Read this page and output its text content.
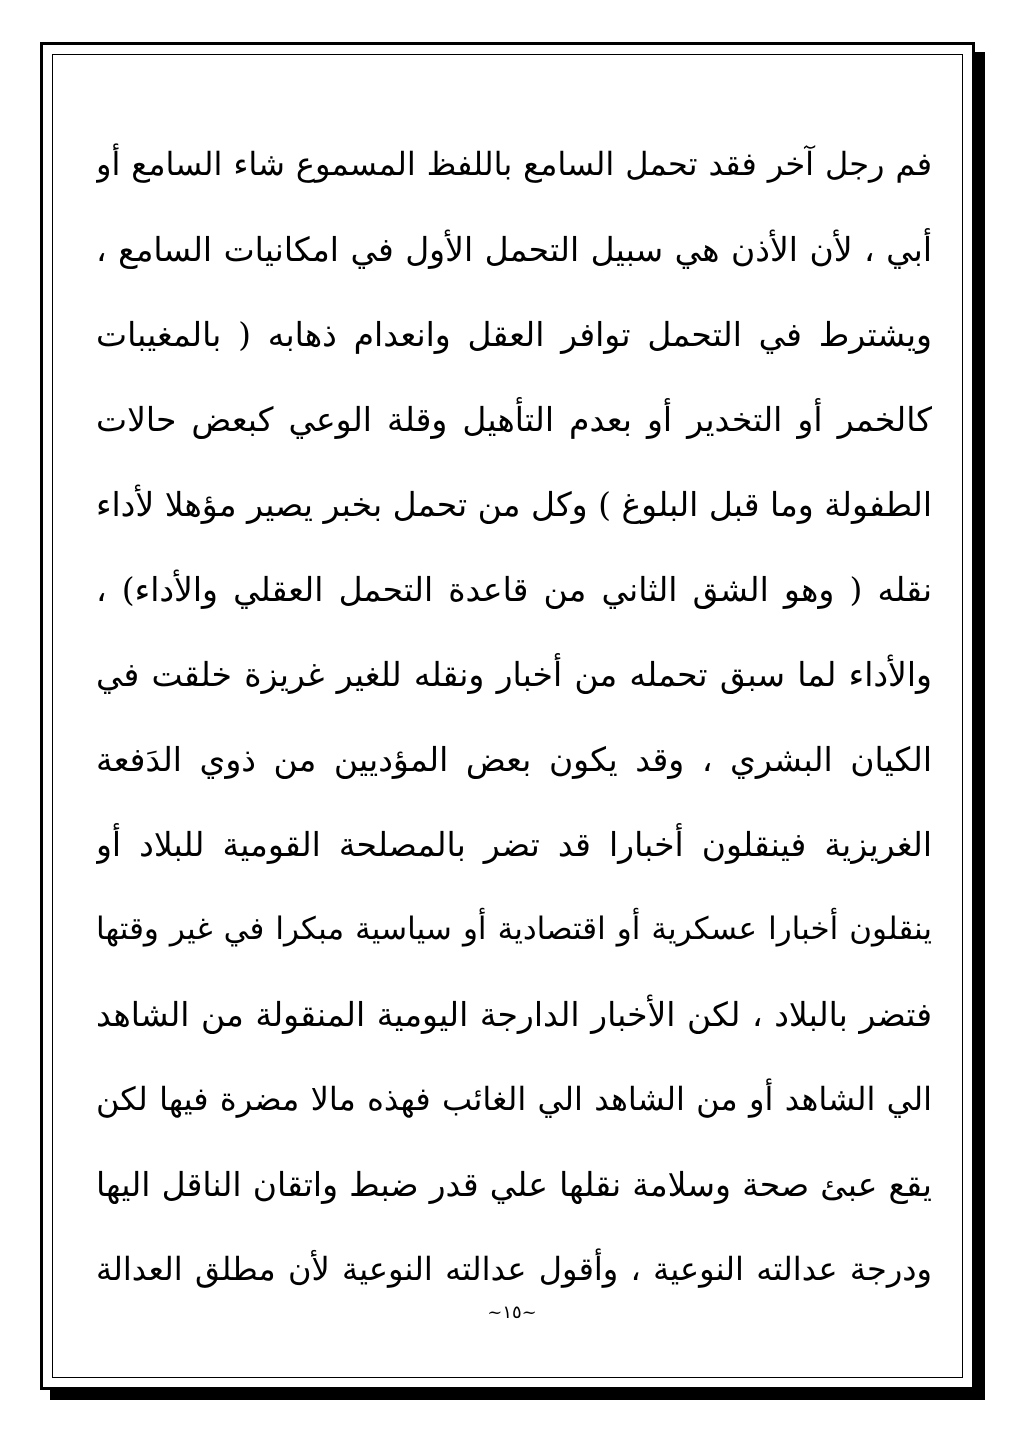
فم رجل آخر فقد تحمل السامع باللفظ المسموع شاء السامع أو
أبي ، لأن الأذن هي سبيل التحمل الأول في امكانيات السامع ،
ويشترط في التحمل توافر العقل وانعدام ذهابه ( بالمغيبات
كالخمر أو التخدير أو بعدم التأهيل وقلة الوعي كبعض حالات
الطفولة وما قبل البلوغ ) وكل من تحمل بخبر يصير مؤهلا لأداء
نقله ( وهو الشق الثاني من قاعدة التحمل العقلي والأداء) ،
والأداء لما سبق تحمله من أخبار ونقله للغير غريزة خلقت في
الكيان البشري ، وقد يكون بعض المؤديين من ذوي الدَفعة
الغريزية فينقلون أخبارا قد تضر بالمصلحة القومية للبلاد أو
ينقلون أخبارا عسكرية أو اقتصادية أو سياسية مبكرا في غير وقتها
فتضر بالبلاد ، لكن الأخبار الدارجة اليومية المنقولة من الشاهد
الي الشاهد أو من الشاهد الي الغائب فهذه مالا مضرة فيها لكن
يقع عبئ صحة وسلامة نقلها علي قدر ضبط واتقان الناقل اليها
ودرجة عدالته النوعية ، وأقول عدالته النوعية لأن مطلق العدالة
~١٥~
